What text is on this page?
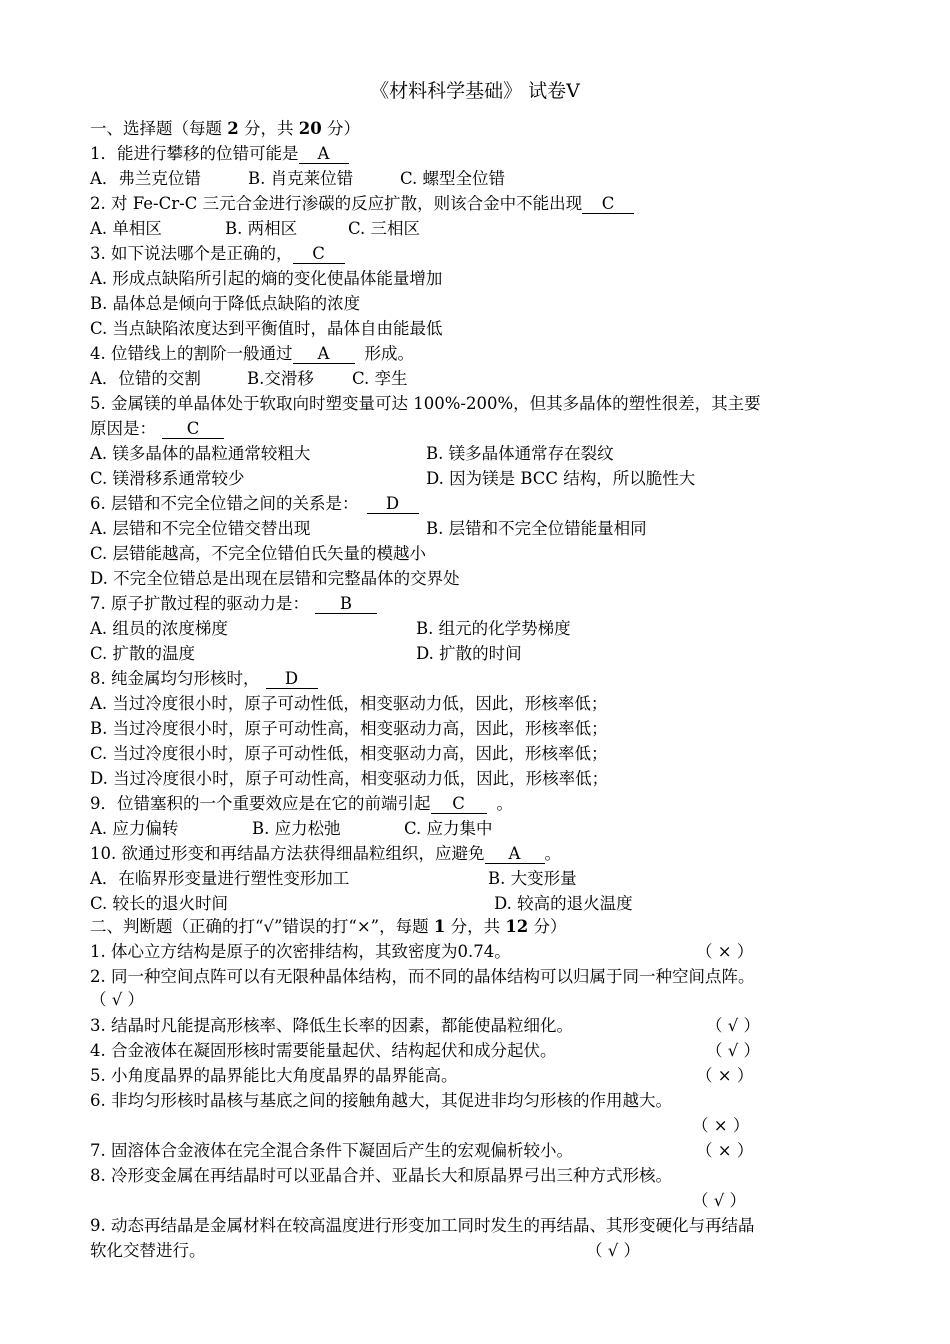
《材料科学基础》 试卷Ⅴ
一、选择题（每题 2 分，共 20 分）
1．能进行攀移的位错可能是 A
A．弗兰克位错	B. 肖克莱位错	C. 螺型全位错
2. 对 Fe-Cr-C 三元合金进行渗碳的反应扩散，则该合金中不能出现 C
A. 单相区	B. 两相区	C. 三相区
3. 如下说法哪个是正确的， C
A. 形成点缺陷所引起的熵的变化使晶体能量增加
B. 晶体总是倾向于降低点缺陷的浓度
C. 当点缺陷浓度达到平衡值时，晶体自由能最低
4. 位错线上的割阶一般通过 A 形成。
A．位错的交割	B.交滑移 C. 孪生
5. 金属镁的单晶体处于软取向时塑变量可达 100%-200%，但其多晶体的塑性很差，其主要
原因是： C
A. 镁多晶体的晶粒通常较粗大	B. 镁多晶体通常存在裂纹
C. 镁滑移系通常较少	D. 因为镁是 BCC 结构，所以脆性大
6. 层错和不完全位错之间的关系是： D
A. 层错和不完全位错交替出现	B. 层错和不完全位错能量相同
C. 层错能越高，不完全位错伯氏矢量的模越小
D. 不完全位错总是出现在层错和完整晶体的交界处
7. 原子扩散过程的驱动力是： B
A. 组员的浓度梯度	B. 组元的化学势梯度
C. 扩散的温度	D. 扩散的时间
8. 纯金属均匀形核时， D
A. 当过冷度很小时，原子可动性低，相变驱动力低，因此，形核率低；
B. 当过冷度很小时，原子可动性高，相变驱动力高，因此，形核率低；
C. 当过冷度很小时，原子可动性低，相变驱动力高，因此，形核率低；
D. 当过冷度很小时，原子可动性高，相变驱动力低，因此，形核率低；
9．位错塞积的一个重要效应是在它的前端引起 C 。
A. 应力偏转	B. 应力松弛	C. 应力集中
10. 欲通过形变和再结晶方法获得细晶粒组织，应避免 A 。
A．在临界形变量进行塑性变形加工	B. 大变形量
C. 较长的退火时间	D. 较高的退火温度
二、判断题（正确的打“√”错误的打“×”，每题 1 分，共 12 分）
1. 体心立方结构是原子的次密排结构，其致密度为0.74。	（ × ）
2. 同一种空间点阵可以有无限种晶体结构，而不同的晶体结构可以归属于同一种空间点阵。
（ √ ）
3. 结晶时凡能提高形核率、降低生长率的因素，都能使晶粒细化。	（ √ ）
4. 合金液体在凝固形核时需要能量起伏、结构起伏和成分起伏。	（ √ ）
5. 小角度晶界的晶界能比大角度晶界的晶界能高。	（ × ）
6. 非均匀形核时晶核与基底之间的接触角越大，其促进非均匀形核的作用越大。
（ × ）
7. 固溶体合金液体在完全混合条件下凝固后产生的宏观偏析较小。	（ × ）
8. 冷形变金属在再结晶时可以亚晶合并、亚晶长大和原晶界弓出三种方式形核。
（ √ ）
9. 动态再结晶是金属材料在较高温度进行形变加工同时发生的再结晶、其形变硬化与再结晶
软化交替进行。	（ √ ）
